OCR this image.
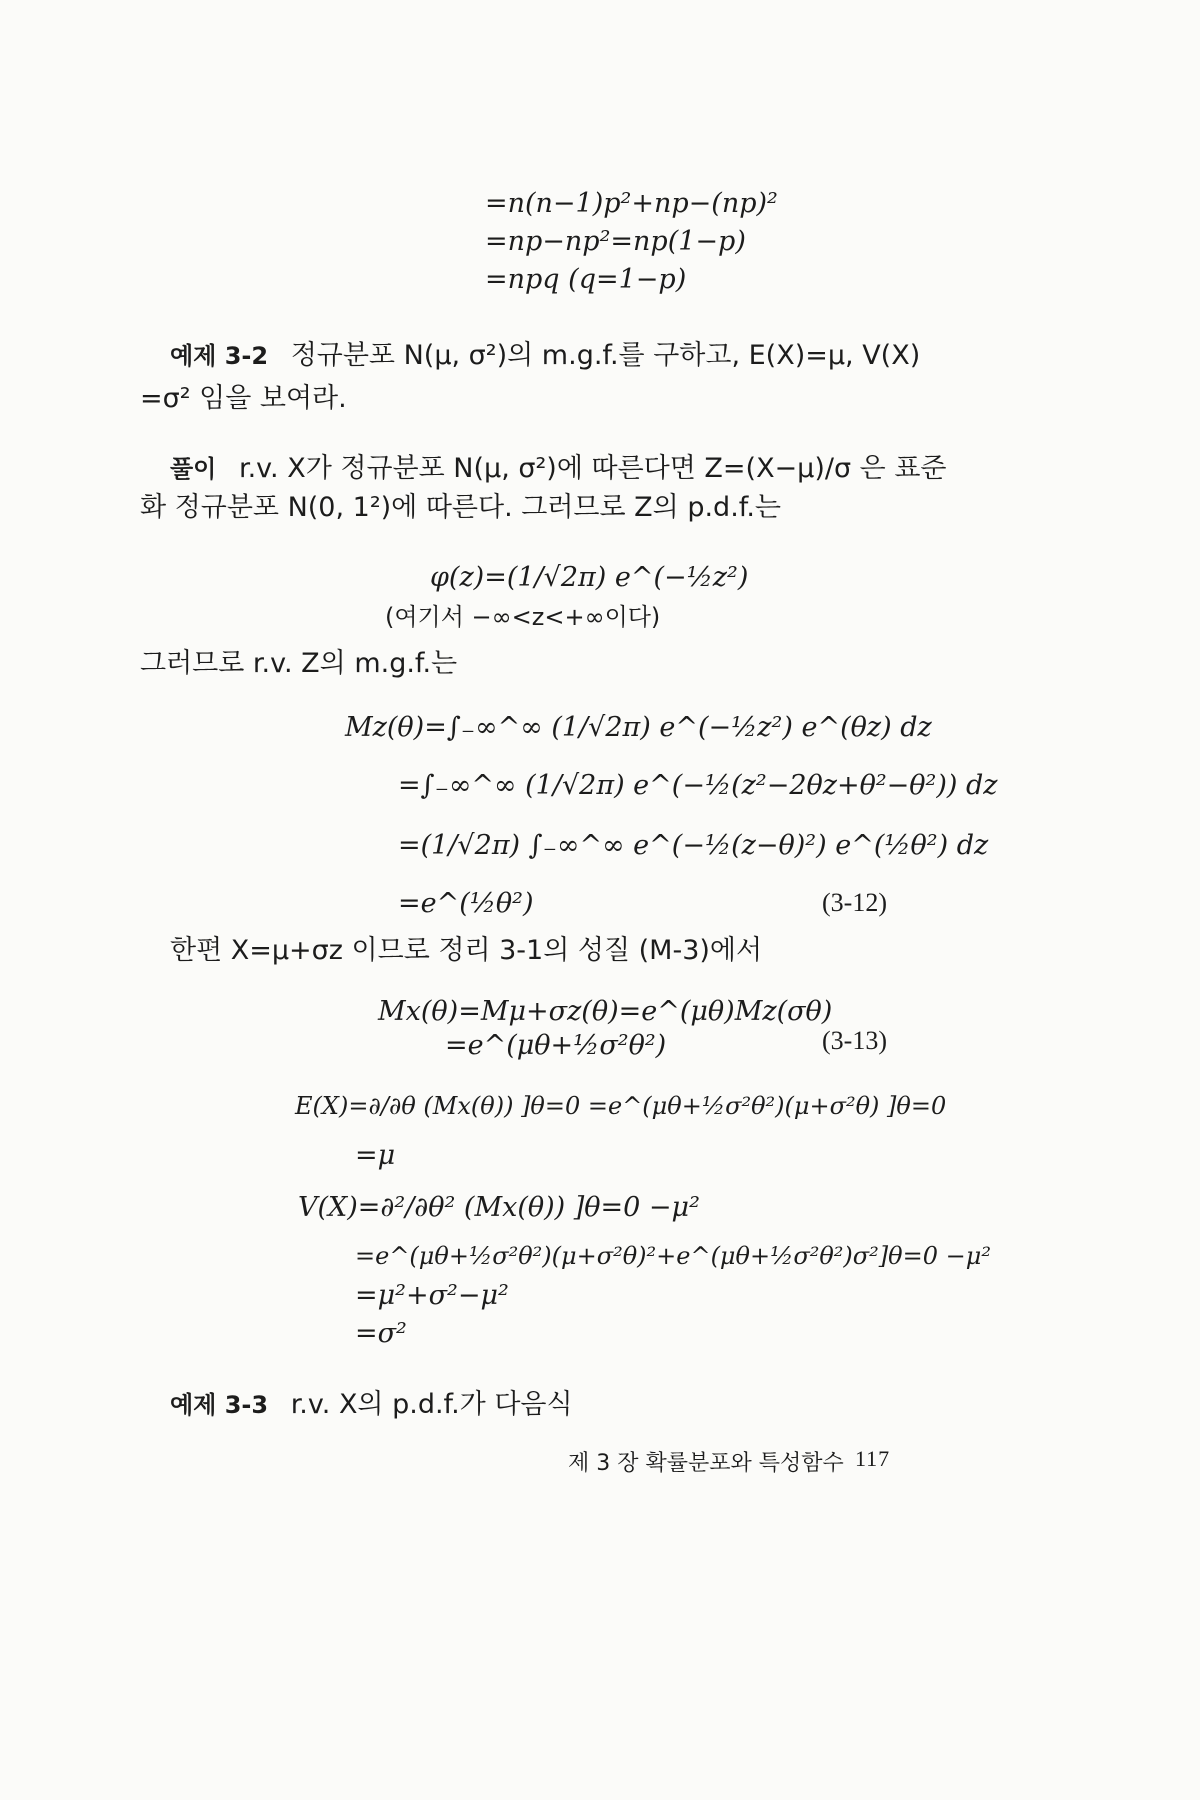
=n(n−1)p²+np−(np)²
=np−np²=np(1−p)
=npq (q=1−p)
예제 3-2 정규분포 N(μ, σ²)의 m.g.f.를 구하고, E(X)=μ, V(X)
=σ² 임을 보여라.
풀이 r.v. X가 정규분포 N(μ, σ²)에 따른다면 Z=(X−μ)/σ 은 표준
화 정규분포 N(0, 1²)에 따른다. 그러므로 Z의 p.d.f.는
φ(z)=(1/√2π) e^(−½z²)
(여기서 −∞<z<+∞이다)
그러므로 r.v. Z의 m.g.f.는
Mz(θ)=∫₋∞^∞ (1/√2π) e^(−½z²) e^(θz) dz
=∫₋∞^∞ (1/√2π) e^(−½(z²−2θz+θ²−θ²)) dz
=(1/√2π) ∫₋∞^∞ e^(−½(z−θ)²) e^(½θ²) dz
=e^(½θ²)	(3-12)
한편 X=μ+σz 이므로 정리 3-1의 성질 (M-3)에서
Mx(θ)=Mμ+σz(θ)=e^(μθ)Mz(σθ)
=e^(μθ+½σ²θ²)	(3-13)
E(X)=∂/∂θ (Mx(θ)) ]θ=0 =e^(μθ+½σ²θ²)(μ+σ²θ) ]θ=0
=μ
V(X)=∂²/∂θ² (Mx(θ)) ]θ=0 −μ²
=e^(μθ+½σ²θ²)(μ+σ²θ)²+e^(μθ+½σ²θ²)σ²]θ=0 −μ²
=μ²+σ²−μ²
=σ²
예제 3-3 r.v. X의 p.d.f.가 다음식
제 3 장 확률분포와 특성함수 117
